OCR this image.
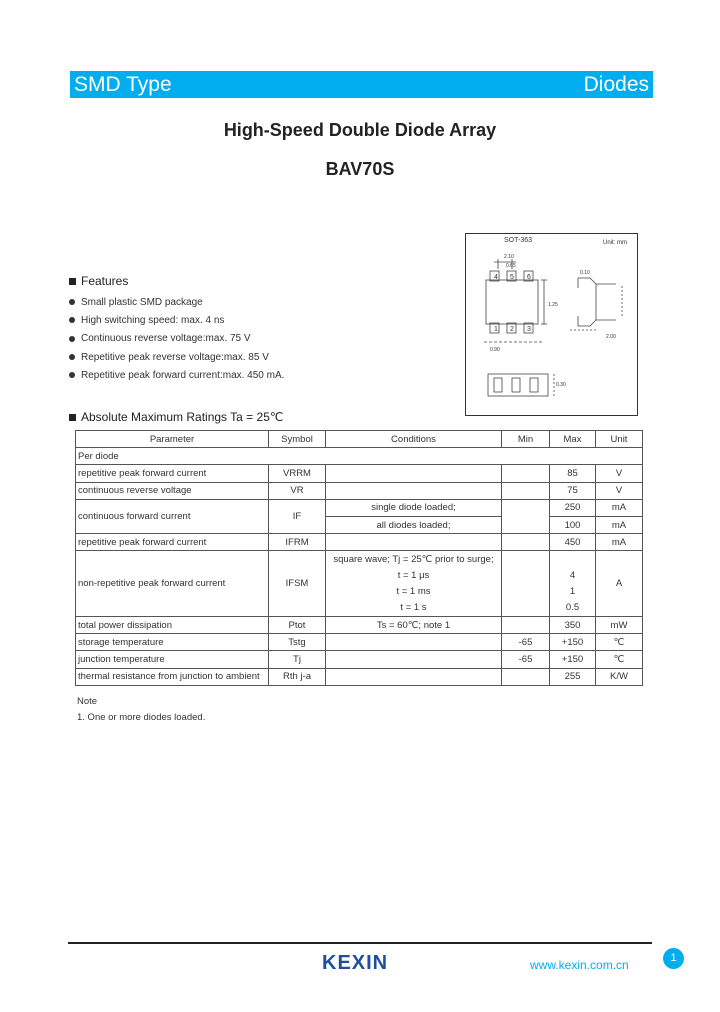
SMD Type	Diodes
High-Speed Double Diode Array
BAV70S
SOT-363	Unit: mm
4 5 6
1 2 3
2.10
0.65
1.25
0.90
0.10
2.00
0.30
Features
Small plastic SMD package
High switching speed: max. 4 ns
Continuous reverse voltage:max. 75 V
Repetitive peak reverse voltage:max. 85 V
Repetitive peak forward current:max. 450 mA.
Absolute Maximum Ratings Ta = 25℃
Parameter	Symbol	Conditions	Min	Max	Unit
Per diode					
repetitive peak forward current	VRRM			85	V
continuous reverse voltage	VR			75	V
continuous forward current	IF	single diode loaded;		250	mA
		all diodes loaded;		100	mA
repetitive peak forward current	IFRM			450	mA
non-repetitive peak forward current	IFSM	square wave; Tj = 25℃ prior to surge;			A
		t = 1 μs		4	
		t = 1 ms		1	
		t = 1 s		0.5	
total power dissipation	Ptot	Ts = 60℃; note 1		350	mW
storage temperature	Tstg		-65	+150	℃
junction temperature	Tj		-65	+150	℃
thermal resistance from junction to ambient	Rth j-a			255	K/W
Note
1. One or more diodes loaded.
KEXIN	www.kexin.com.cn	1
